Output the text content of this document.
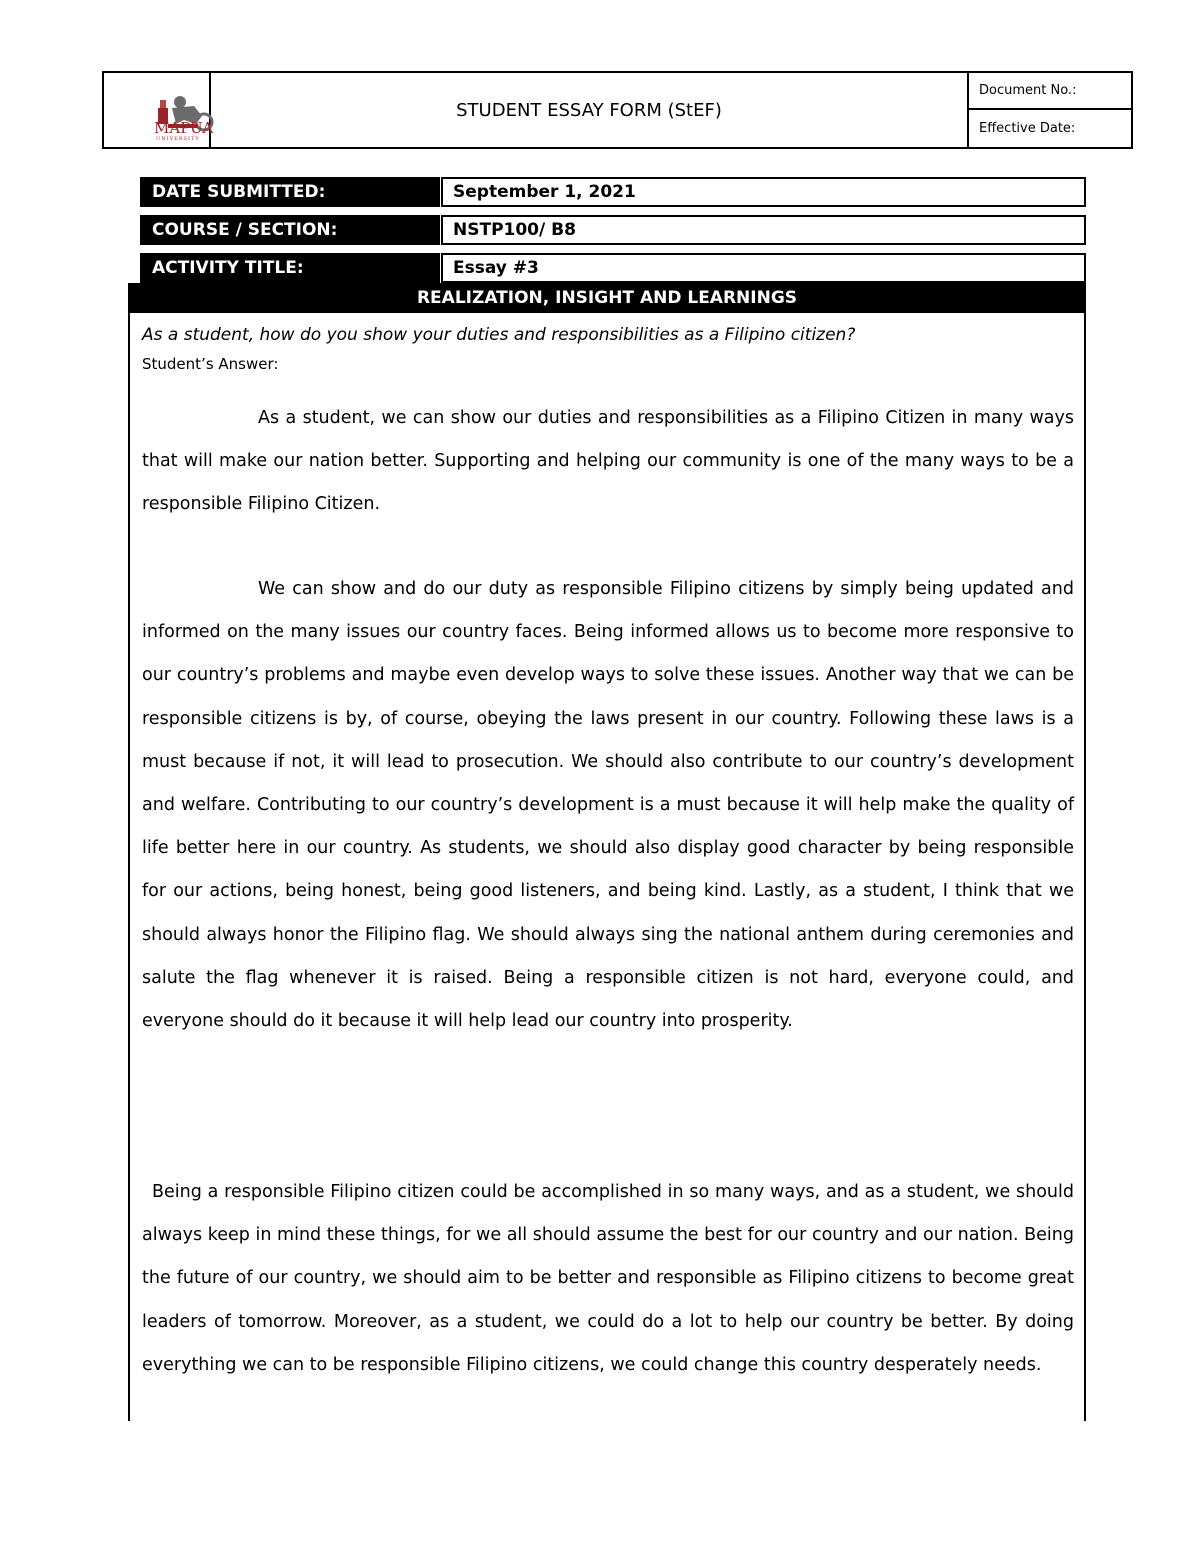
MAPUA
UNIVERSITY
STUDENT ESSAY FORM (StEF)
Document No.:
Effective Date:
DATE SUBMITTED:	September 1, 2021
COURSE / SECTION:	NSTP100/ B8
ACTIVITY TITLE:	Essay #3
REALIZATION, INSIGHT AND LEARNINGS
As a student, how do you show your duties and responsibilities as a Filipino citizen?
Student’s Answer:

As a student, we can show our duties and responsibilities as a Filipino Citizen in many ways that will make our nation better. Supporting and helping our community is one of the many ways to be a responsible Filipino Citizen.

We can show and do our duty as responsible Filipino citizens by simply being updated and informed on the many issues our country faces. Being informed allows us to become more responsive to our country’s problems and maybe even develop ways to solve these issues. Another way that we can be responsible citizens is by, of course, obeying the laws present in our country. Following these laws is a must because if not, it will lead to prosecution. We should also contribute to our country’s development and welfare. Contributing to our country’s development is a must because it will help make the quality of life better here in our country. As students, we should also display good character by being responsible for our actions, being honest, being good listeners, and being kind. Lastly, as a student, I think that we should always honor the Filipino flag. We should always sing the national anthem during ceremonies and salute the flag whenever it is raised. Being a responsible citizen is not hard, everyone could, and everyone should do it because it will help lead our country into prosperity.

Being a responsible Filipino citizen could be accomplished in so many ways, and as a student, we should always keep in mind these things, for we all should assume the best for our country and our nation. Being the future of our country, we should aim to be better and responsible as Filipino citizens to become great leaders of tomorrow. Moreover, as a student, we could do a lot to help our country be better. By doing everything we can to be responsible Filipino citizens, we could change this country desperately needs.
